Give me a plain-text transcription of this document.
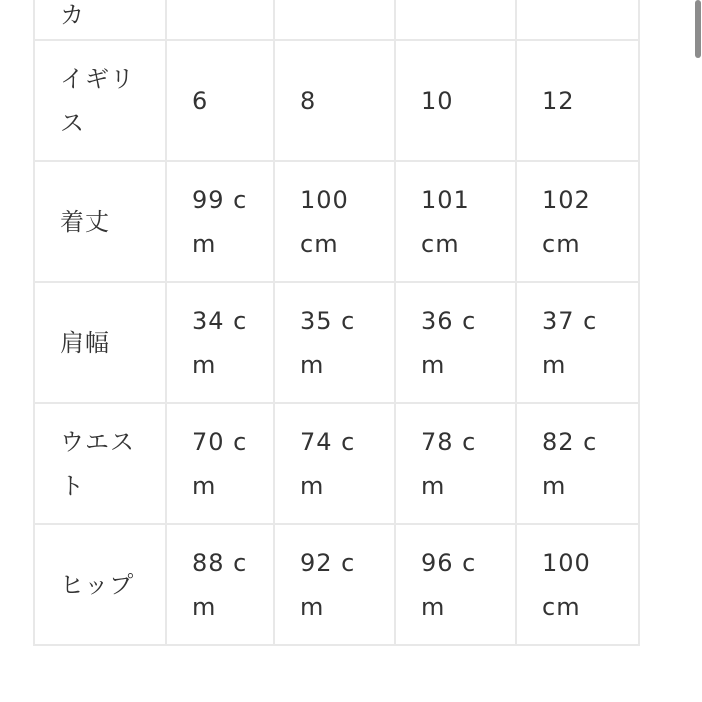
カ				

イギリス	6	8	10	12

着丈	99 cm	100 cm	101 cm	102 cm

肩幅	34 cm	35 cm	36 cm	37 cm

ウエスト	70 cm	74 cm	78 cm	82 cm

ヒップ	88 cm	92 cm	96 cm	100 cm
